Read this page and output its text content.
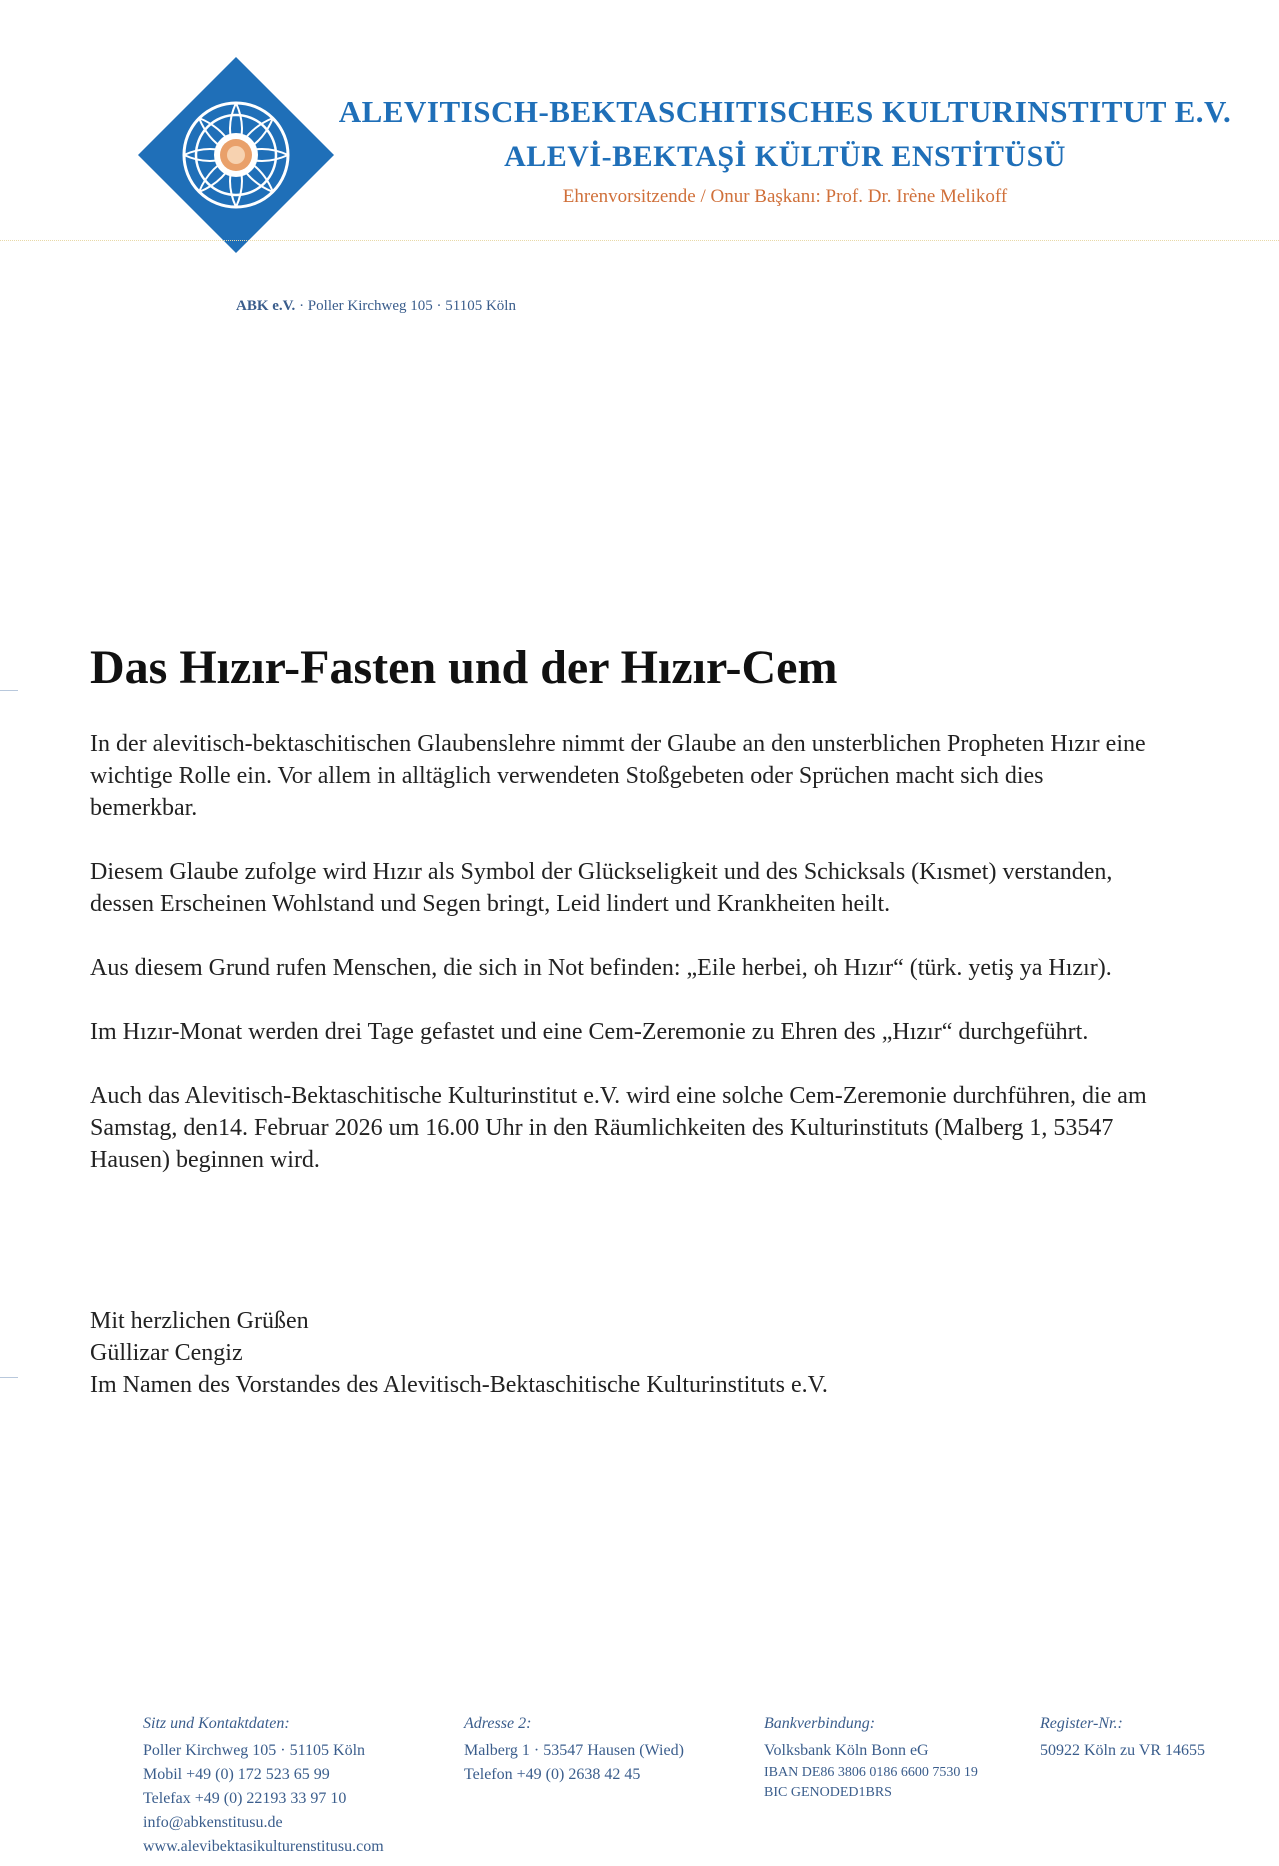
ALEVITISCH-BEKTASCHITISCHES KULTURINSTITUT E.V.
ALEVİ-BEKTAŞİ KÜLTÜR ENSTİTÜSÜ
Ehrenvorsitzende / Onur Başkanı: Prof. Dr. Irène Melikoff
ABK e.V. · Poller Kirchweg 105 · 51105 Köln
Das Hızır-Fasten und der Hızır-Cem

In der alevitisch-bektaschitischen Glaubenslehre nimmt der Glaube an den unsterblichen Propheten Hızır eine wichtige Rolle ein. Vor allem in alltäglich verwendeten Stoßgebeten oder Sprüchen macht sich dies bemerkbar.

Diesem Glaube zufolge wird Hızır als Symbol der Glückseligkeit und des Schicksals (Kısmet) verstanden, dessen Erscheinen Wohlstand und Segen bringt, Leid lindert und Krankheiten heilt.

Aus diesem Grund rufen Menschen, die sich in Not befinden: „Eile herbei, oh Hızır“ (türk. yetiş ya Hızır).

Im Hızır-Monat werden drei Tage gefastet und eine Cem-Zeremonie zu Ehren des „Hızır“ durchgeführt.

Auch das Alevitisch-Bektaschitische Kulturinstitut e.V. wird eine solche Cem-Zeremonie durchführen, die am Samstag, den14. Februar 2026 um 16.00 Uhr in den Räumlichkeiten des Kulturinstituts (Malberg 1, 53547 Hausen) beginnen wird.

Mit herzlichen Grüßen
Güllizar Cengiz
Im Namen des Vorstandes des Alevitisch-Bektaschitische Kulturinstituts e.V.
Sitz und Kontaktdaten:
Poller Kirchweg 105 · 51105 Köln
Mobil +49 (0) 172 523 65 99
Telefax +49 (0) 22193 33 97 10
info@abkenstitusu.de
www.alevibektasikulturenstitusu.com
Adresse 2:
Malberg 1 · 53547 Hausen (Wied)
Telefon +49 (0) 2638 42 45
Bankverbindung:
Volksbank Köln Bonn eG
IBAN DE86 3806 0186 6600 7530 19
BIC GENODED1BRS
Register-Nr.:
50922 Köln zu VR 14655
